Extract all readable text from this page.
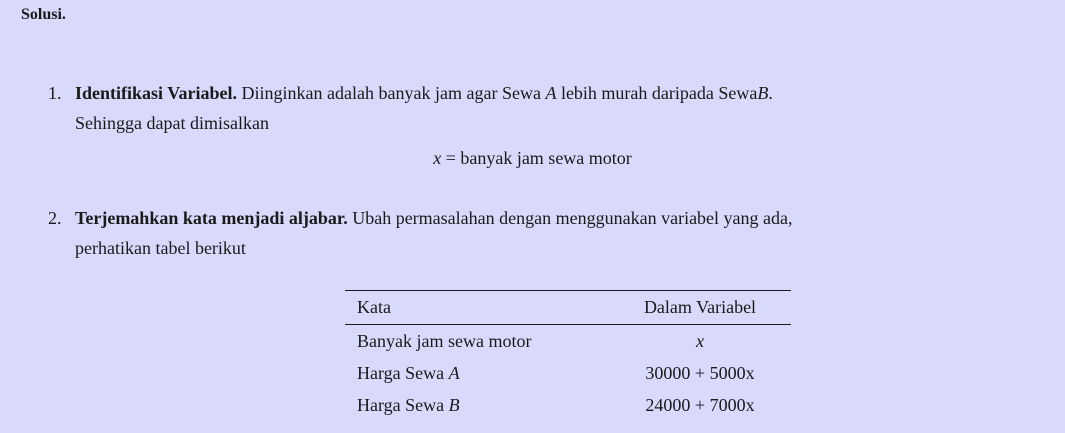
Solusi.
1. Identifikasi Variabel. Diinginkan adalah banyak jam agar Sewa A lebih murah daripada SewaB.
Sehingga dapat dimisalkan
x = banyak jam sewa motor
2. Terjemahkan kata menjadi aljabar. Ubah permasalahan dengan menggunakan variabel yang ada,
perhatikan tabel berikut
Kata	Dalam Variabel
Banyak jam sewa motor	x
Harga Sewa A	30000 + 5000x
Harga Sewa B	24000 + 7000x
